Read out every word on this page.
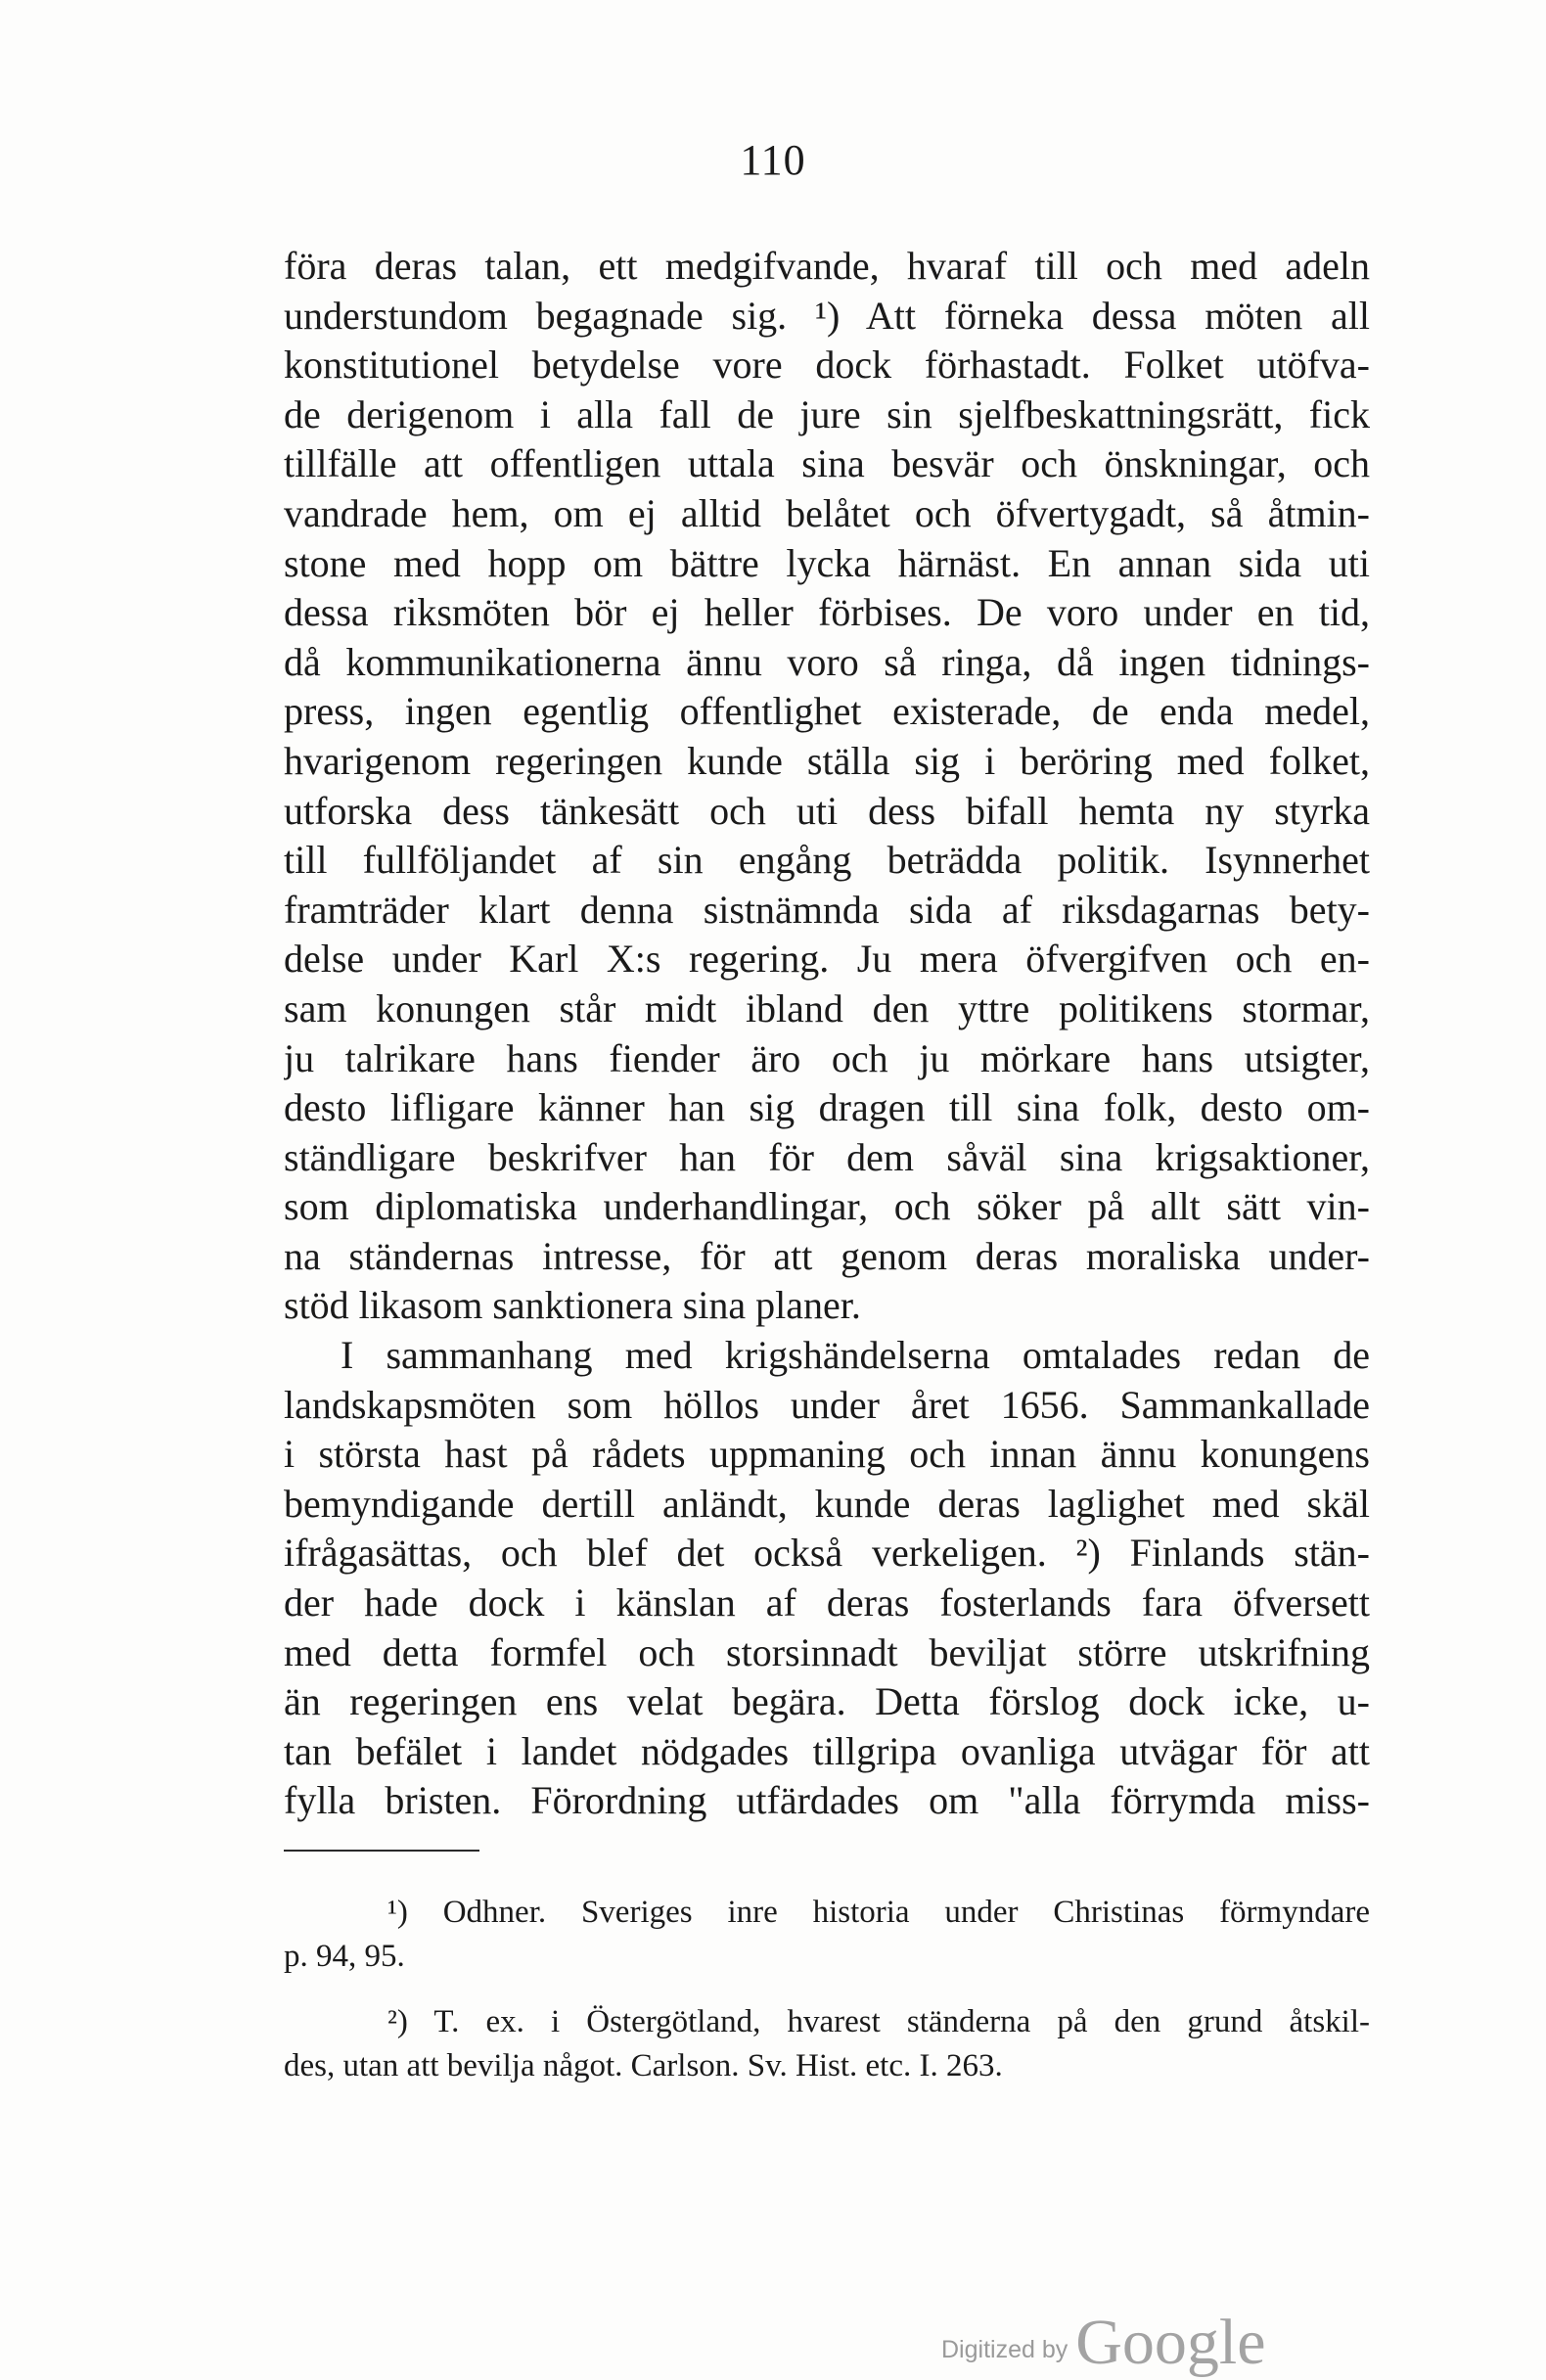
110
föra deras talan, ett medgifvande, hvaraf till och med adeln
understundom begagnade sig. ¹) Att förneka dessa möten all
konstitutionel betydelse vore dock förhastadt. Folket utöfva-
de derigenom i alla fall de jure sin sjelfbeskattningsrätt, fick
tillfälle att offentligen uttala sina besvär och önskningar, och
vandrade hem, om ej alltid belåtet och öfvertygadt, så åtmin-
stone med hopp om bättre lycka härnäst. En annan sida uti
dessa riksmöten bör ej heller förbises. De voro under en tid,
då kommunikationerna ännu voro så ringa, då ingen tidnings-
press, ingen egentlig offentlighet existerade, de enda medel,
hvarigenom regeringen kunde ställa sig i beröring med folket,
utforska dess tänkesätt och uti dess bifall hemta ny styrka
till fullföljandet af sin engång beträdda politik. Isynnerhet
framträder klart denna sistnämnda sida af riksdagarnas bety-
delse under Karl X:s regering. Ju mera öfvergifven och en-
sam konungen står midt ibland den yttre politikens stormar,
ju talrikare hans fiender äro och ju mörkare hans utsigter,
desto lifligare känner han sig dragen till sina folk, desto om-
ständligare beskrifver han för dem såväl sina krigsaktioner,
som diplomatiska underhandlingar, och söker på allt sätt vin-
na ständernas intresse, för att genom deras moraliska under-
stöd likasom sanktionera sina planer.
I sammanhang med krigshändelserna omtalades redan de
landskapsmöten som höllos under året 1656. Sammankallade
i största hast på rådets uppmaning och innan ännu konungens
bemyndigande dertill anländt, kunde deras laglighet med skäl
ifrågasättas, och blef det också verkeligen. ²) Finlands stän-
der hade dock i känslan af deras fosterlands fara öfversett
med detta formfel och storsinnadt beviljat större utskrifning
än regeringen ens velat begära. Detta förslog dock icke, u-
tan befälet i landet nödgades tillgripa ovanliga utvägar för att
fylla bristen. Förordning utfärdades om "alla förrymda miss-
¹) Odhner. Sveriges inre historia under Christinas förmyndare
p. 94, 95.
²) T. ex. i Östergötland, hvarest ständerna på den grund åtskil-
des, utan att bevilja något. Carlson. Sv. Hist. etc. I. 263.
Digitized by Google
